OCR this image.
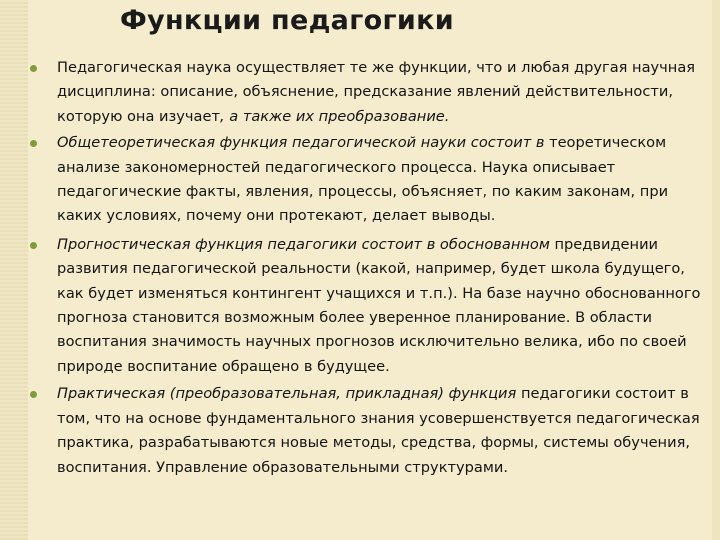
Функции педагогики
Педагогическая наука осуществляет те же функции, что и любая другая научная дисциплина: описание, объяснение, предсказание явлений действительности, которую она изучает, а также их преобразование.
Общетеоретическая функция педагогической науки состоит в теоретическом анализе закономерностей педагогического процесса. Наука описывает педагогические факты, явления, процессы, объясняет, по каким законам, при каких условиях, почему они протекают, делает выводы.
Прогностическая функция педагогики состоит в обоснованном предвидении развития педагогической реальности (какой, например, будет школа будущего, как будет изменяться контингент учащихся и т.п.). На базе научно обоснованного прогноза становится возможным более уверенное планирование. В области воспитания значимость научных прогнозов исключительно велика, ибо по своей природе воспитание обращено в будущее.
Практическая (преобразовательная, прикладная) функция педагогики состоит в том, что на основе фундаментального знания усовершенствуется педагогическая практика, разрабатываются новые методы, средства, формы, системы обучения, воспитания. Управление образовательными структурами.
